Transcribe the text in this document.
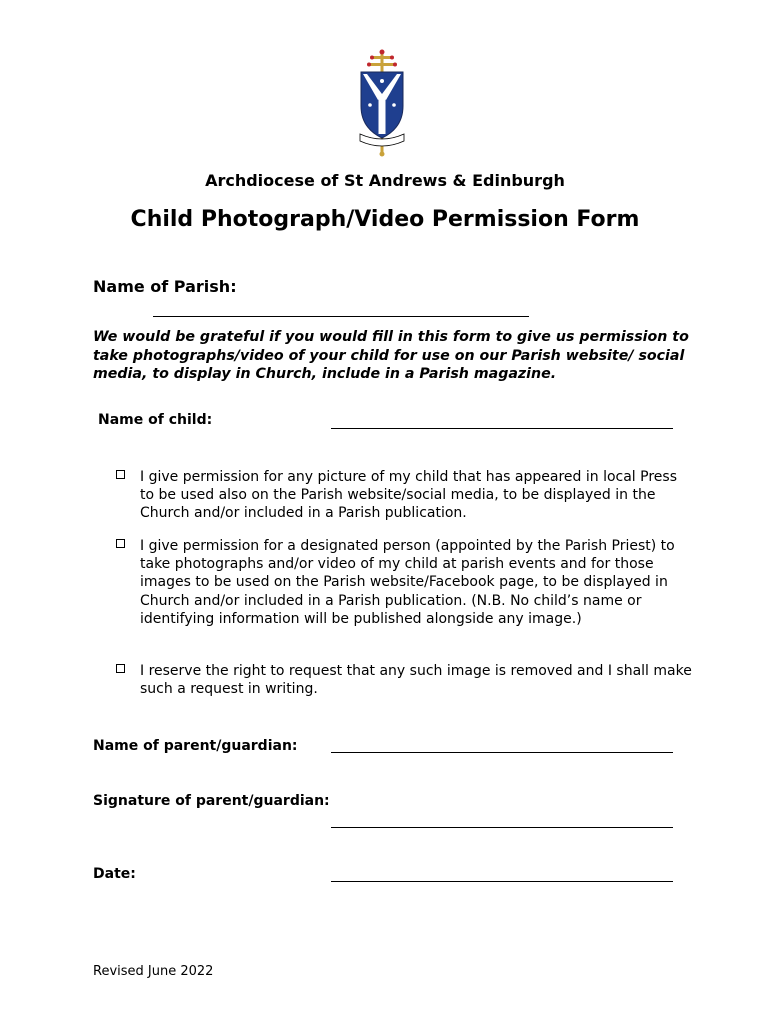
Archdiocese of St Andrews & Edinburgh
Child Photograph/Video Permission Form
Name of Parish:
We would be grateful if you would fill in this form to give us permission to take photographs/video of your child for use on our Parish website/ social media, to display in Church, include in a Parish magazine.
Name of child:
I give permission for any picture of my child that has appeared in local Press to be used also on the Parish website/social media, to be displayed in the Church and/or included in a Parish publication.
I give permission for a designated person (appointed by the Parish Priest) to take photographs and/or video of my child at parish events and for those images to be used on the Parish website/Facebook page, to be displayed in Church and/or included in a Parish publication. (N.B. No child’s name or identifying information will be published alongside any image.)
I reserve the right to request that any such image is removed and I shall make such a request in writing.
Name of parent/guardian:
Signature of parent/guardian:
Date:
Revised June 2022
